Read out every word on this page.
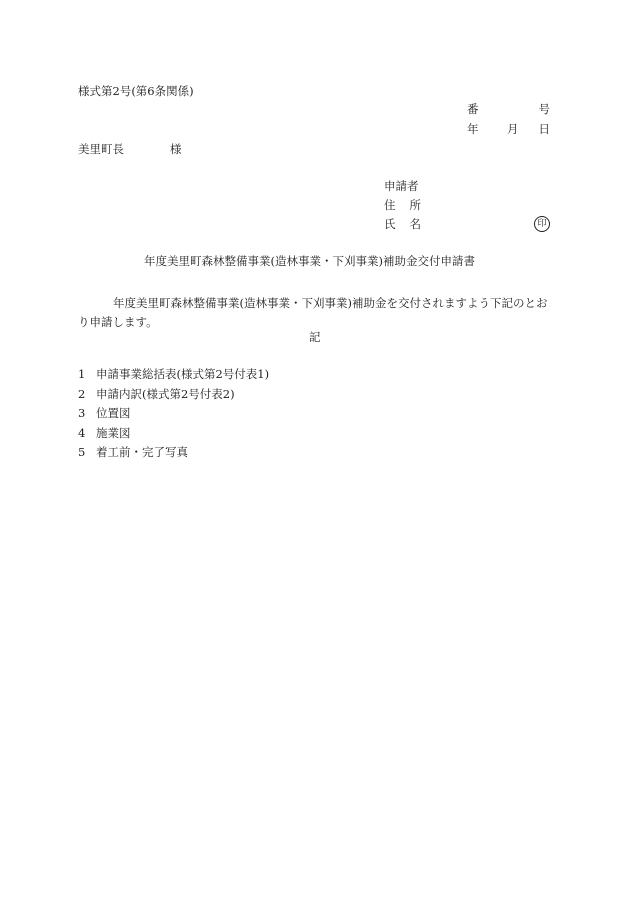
様式第2号(第6条関係)
番	号
年 月 日
美里町長	様
申請者
住 所
氏 名	印
年度美里町森林整備事業(造林事業・下刈事業)補助金交付申請書
年度美里町森林整備事業(造林事業・下刈事業)補助金を交付されますよう下記のとおり申請します。
記
1 申請事業総括表(様式第2号付表1)
2 申請内訳(様式第2号付表2)
3 位置図
4 施業図
5 着工前・完了写真
